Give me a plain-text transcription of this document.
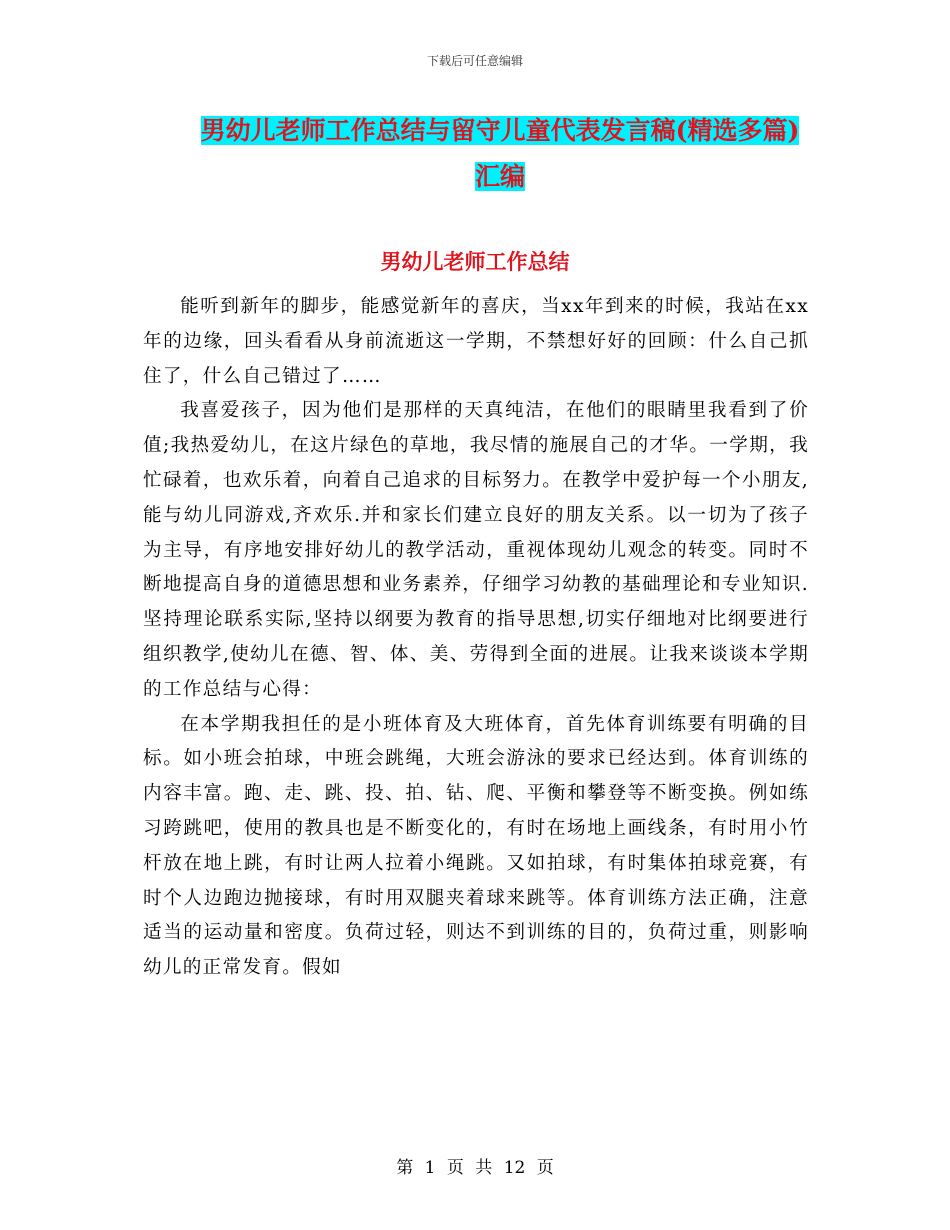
下载后可任意编辑
男幼儿老师工作总结与留守儿童代表发言稿(精选多篇)汇编
男幼儿老师工作总结

能听到新年的脚步，能感觉新年的喜庆，当xx年到来的时候，我站在xx年的边缘，回头看看从身前流逝这一学期，不禁想好好的回顾：什么自己抓住了，什么自己错过了……

我喜爱孩子，因为他们是那样的天真纯洁，在他们的眼睛里我看到了价值;我热爱幼儿，在这片绿色的草地，我尽情的施展自己的才华。一学期，我忙碌着，也欢乐着，向着自己追求的目标努力。在教学中爱护每一个小朋友,能与幼儿同游戏,齐欢乐.并和家长们建立良好的朋友关系。以一切为了孩子为主导，有序地安排好幼儿的教学活动，重视体现幼儿观念的转变。同时不断地提高自身的道德思想和业务素养，仔细学习幼教的基础理论和专业知识.坚持理论联系实际,坚持以纲要为教育的指导思想,切实仔细地对比纲要进行组织教学,使幼儿在德、智、体、美、劳得到全面的进展。让我来谈谈本学期的工作总结与心得：

在本学期我担任的是小班体育及大班体育，首先体育训练要有明确的目标。如小班会拍球，中班会跳绳，大班会游泳的要求已经达到。体育训练的内容丰富。跑、走、跳、投、拍、钻、爬、平衡和攀登等不断变换。例如练习跨跳吧，使用的教具也是不断变化的，有时在场地上画线条，有时用小竹杆放在地上跳，有时让两人拉着小绳跳。又如拍球，有时集体拍球竞赛，有时个人边跑边抛接球，有时用双腿夹着球来跳等。体育训练方法正确，注意适当的运动量和密度。负荷过轻，则达不到训练的目的，负荷过重，则影响幼儿的正常发育。假如

第 1 页 共 12 页
